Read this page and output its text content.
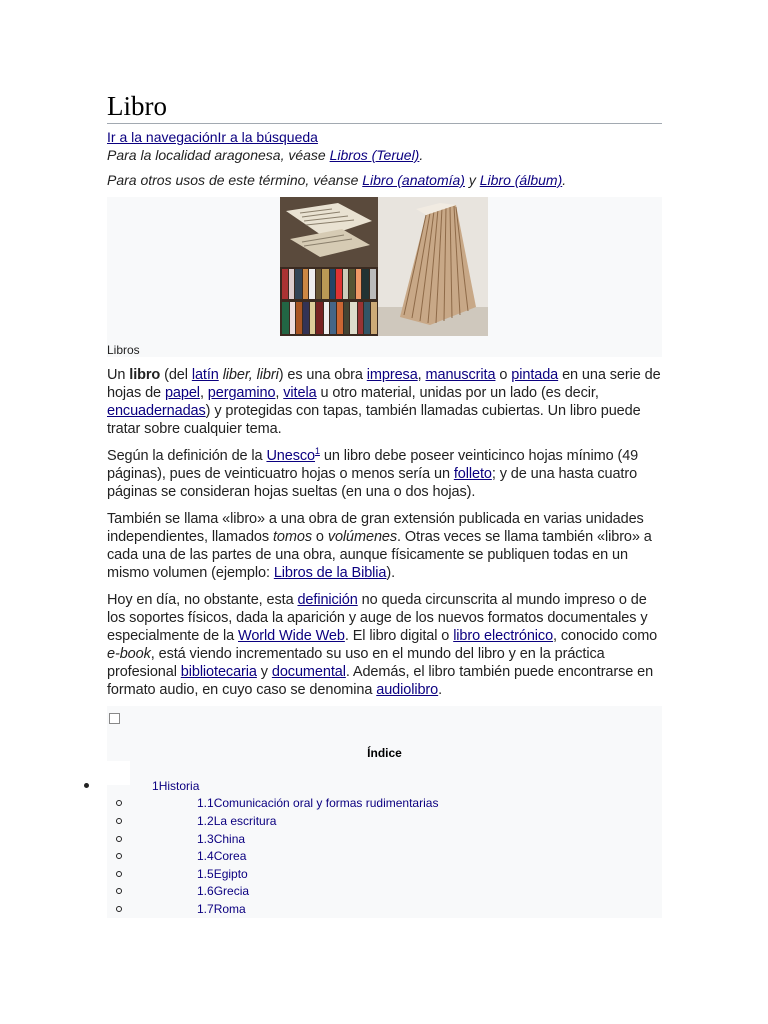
Libro
Ir a la navegaciónIr a la búsqueda

Para la localidad aragonesa, véase Libros (Teruel).

Para otros usos de este término, véanse Libro (anatomía) y Libro (álbum).

Libros

Un libro (del latín liber, libri) es una obra impresa, manuscrita o pintada en una serie de hojas de papel, pergamino, vitela u otro material, unidas por un lado (es decir, encuadernadas) y protegidas con tapas, también llamadas cubiertas. Un libro puede tratar sobre cualquier tema.

Según la definición de la Unesco$^1$ un libro debe poseer veinticinco hojas mínimo (49 páginas), pues de veinticuatro hojas o menos sería un folleto; y de una hasta cuatro páginas se consideran hojas sueltas (en una o dos hojas).

También se llama «libro» a una obra de gran extensión publicada en varias unidades independientes, llamados tomos o volúmenes. Otras veces se llama también «libro» a cada una de las partes de una obra, aunque físicamente se publiquen todas en un mismo volumen (ejemplo: Libros de la Biblia).

Hoy en día, no obstante, esta definición no queda circunscrita al mundo impreso o de los soportes físicos, dada la aparición y auge de los nuevos formatos documentales y especialmente de la World Wide Web. El libro digital o libro electrónico, conocido como e-book, está viendo incrementado su uso en el mundo del libro y en la práctica profesional bibliotecaria y documental. Además, el libro también puede encontrarse en formato audio, en cuyo caso se denomina audiolibro.

Índice
1Historia
1.1Comunicación oral y formas rudimentarias
1.2La escritura
1.3China
1.4Corea
1.5Egipto
1.6Grecia
1.7Roma
